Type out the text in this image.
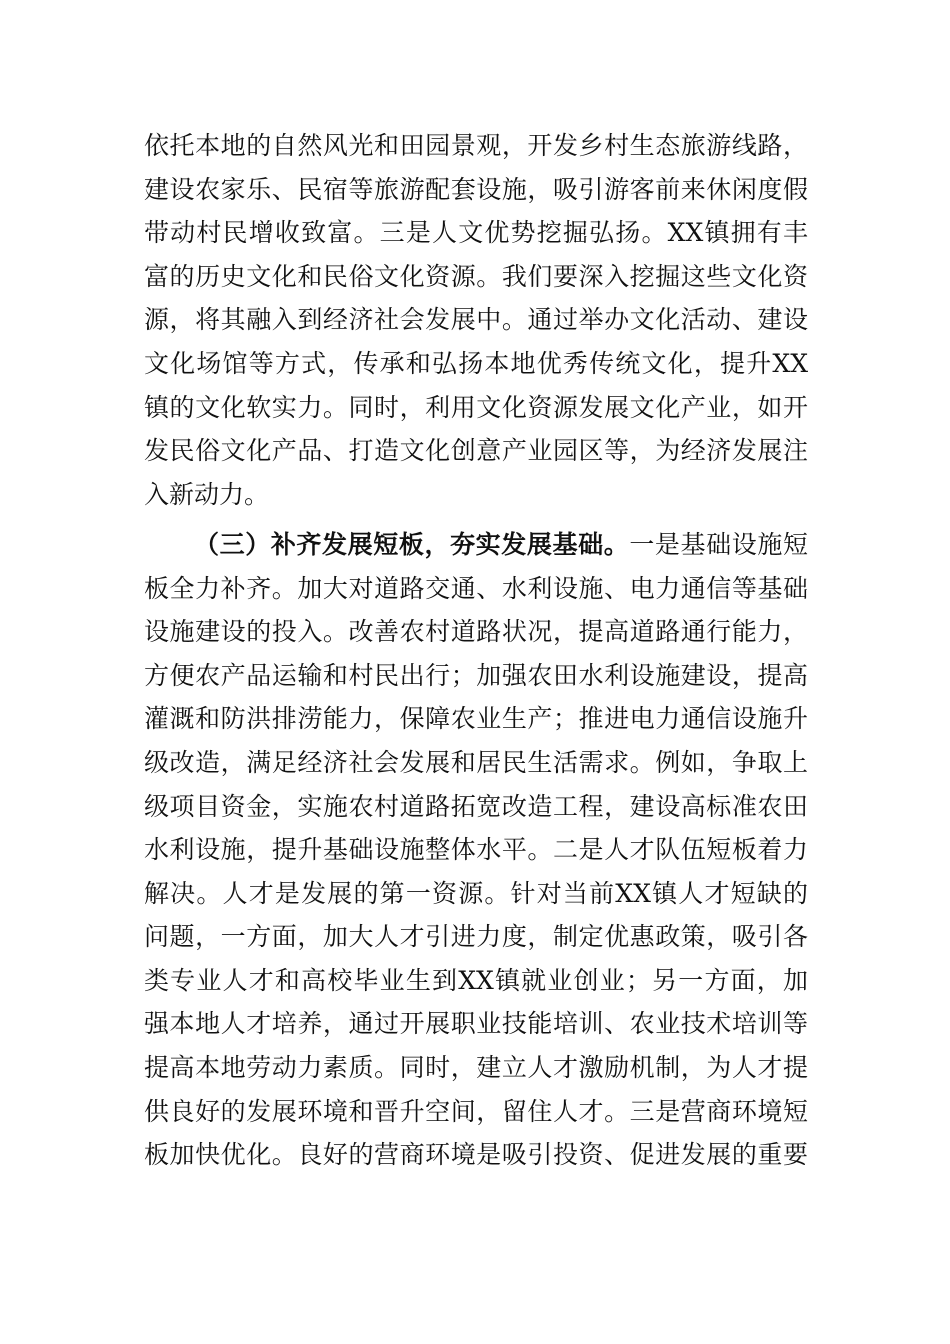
依托本地的自然风光和田园景观，开发乡村生态旅游线路，
建设农家乐、民宿等旅游配套设施，吸引游客前来休闲度假
带动村民增收致富。三是人文优势挖掘弘扬。XX镇拥有丰
富的历史文化和民俗文化资源。我们要深入挖掘这些文化资
源，将其融入到经济社会发展中。通过举办文化活动、建设
文化场馆等方式，传承和弘扬本地优秀传统文化，提升XX
镇的文化软实力。同时，利用文化资源发展文化产业，如开
发民俗文化产品、打造文化创意产业园区等，为经济发展注
入新动力。
（三）补齐发展短板，夯实发展基础。一是基础设施短
板全力补齐。加大对道路交通、水利设施、电力通信等基础
设施建设的投入。改善农村道路状况，提高道路通行能力，
方便农产品运输和村民出行；加强农田水利设施建设，提高
灌溉和防洪排涝能力，保障农业生产；推进电力通信设施升
级改造，满足经济社会发展和居民生活需求。例如，争取上
级项目资金，实施农村道路拓宽改造工程，建设高标准农田
水利设施，提升基础设施整体水平。二是人才队伍短板着力
解决。人才是发展的第一资源。针对当前XX镇人才短缺的
问题，一方面，加大人才引进力度，制定优惠政策，吸引各
类专业人才和高校毕业生到XX镇就业创业；另一方面，加
强本地人才培养，通过开展职业技能培训、农业技术培训等
提高本地劳动力素质。同时，建立人才激励机制，为人才提
供良好的发展环境和晋升空间，留住人才。三是营商环境短
板加快优化。良好的营商环境是吸引投资、促进发展的重要
